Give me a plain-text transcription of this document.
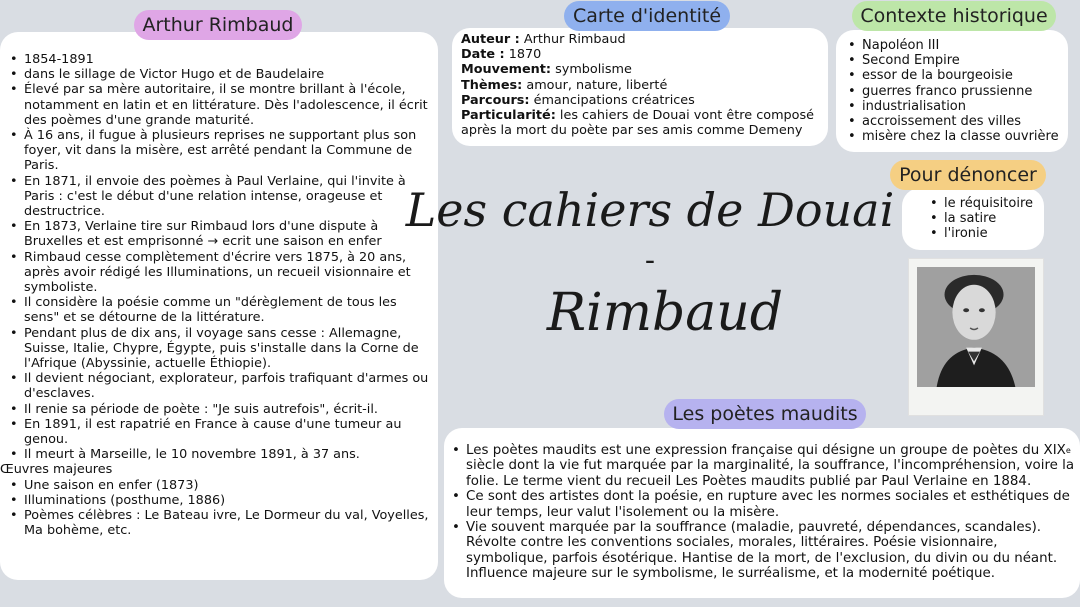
• 1854-1891
• dans le sillage de Victor Hugo et de Baudelaire
• Élevé par sa mère autoritaire, il se montre brillant à l'école, notamment en latin et en littérature. Dès l'adolescence, il écrit des poèmes d'une grande maturité.
• À 16 ans, il fugue à plusieurs reprises ne supportant plus son foyer, vit dans la misère, est arrêté pendant la Commune de Paris.
• En 1871, il envoie des poèmes à Paul Verlaine, qui l'invite à Paris : c'est le début d'une relation intense, orageuse et destructrice.
• En 1873, Verlaine tire sur Rimbaud lors d'une dispute à Bruxelles et est emprisonné → ecrit une saison en enfer
• Rimbaud cesse complètement d'écrire vers 1875, à 20 ans, après avoir rédigé les Illuminations, un recueil visionnaire et symboliste.
• Il considère la poésie comme un "dérèglement de tous les sens" et se détourne de la littérature.
• Pendant plus de dix ans, il voyage sans cesse : Allemagne, Suisse, Italie, Chypre, Égypte, puis s'installe dans la Corne de l'Afrique (Abyssinie, actuelle Éthiopie).
• Il devient négociant, explorateur, parfois trafiquant d'armes ou d'esclaves.
• Il renie sa période de poète : "Je suis autrefois", écrit-il.
• En 1891, il est rapatrié en France à cause d'une tumeur au genou.
• Il meurt à Marseille, le 10 novembre 1891, à 37 ans.
Œuvres majeures
• Une saison en enfer (1873)
• Illuminations (posthume, 1886)
• Poèmes célèbres : Le Bateau ivre, Le Dormeur du val, Voyelles, Ma bohème, etc.
Arthur Rimbaud
Auteur : Arthur Rimbaud
Date : 1870
Mouvement: symbolisme
Thèmes: amour, nature, liberté
Parcours: émancipations créatrices
Particularité: les cahiers de Douai vont être composé après la mort du poète par ses amis comme Demeny
Carte d'identité
• Napoléon III
• Second Empire
• essor de la bourgeoisie
• guerres franco prussienne
• industrialisation
• accroissement des villes
• misère chez la classe ouvrière
Contexte historique
• le réquisitoire
• la satire
• l'ironie
Pour dénoncer
Les cahiers de Douai
-
Rimbaud
• Les poètes maudits est une expression française qui désigne un groupe de poètes du XIXe siècle dont la vie fut marquée par la marginalité, la souffrance, l'incompréhension, voire la folie. Le terme vient du recueil Les Poètes maudits publié par Paul Verlaine en 1884.
• Ce sont des artistes dont la poésie, en rupture avec les normes sociales et esthétiques de leur temps, leur valut l'isolement ou la misère.
• Vie souvent marquée par la souffrance (maladie, pauvreté, dépendances, scandales). Révolte contre les conventions sociales, morales, littéraires. Poésie visionnaire, symbolique, parfois ésotérique. Hantise de la mort, de l'exclusion, du divin ou du néant. Influence majeure sur le symbolisme, le surréalisme, et la modernité poétique.
Les poètes maudits
